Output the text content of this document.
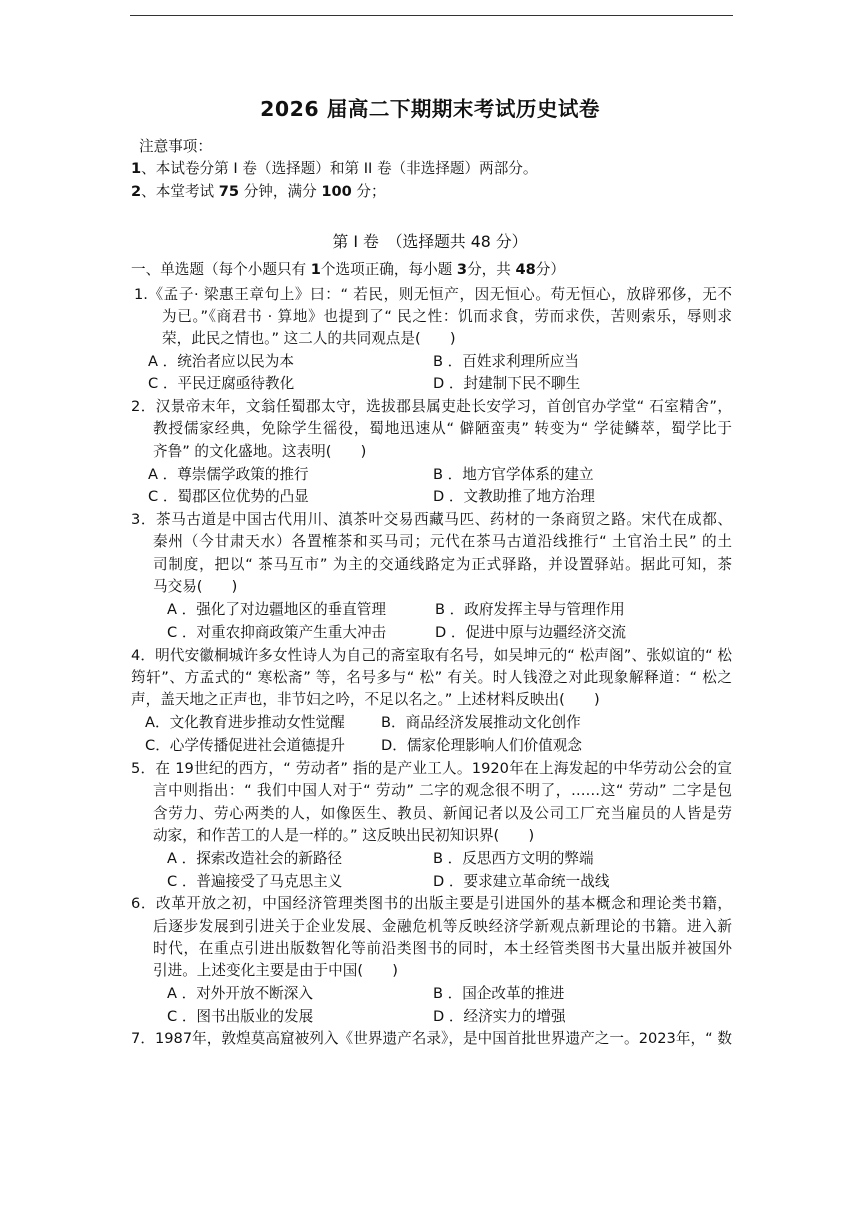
2026 届高二下期期末考试历史试卷
注意事项：
1、本试卷分第 I 卷（选择题）和第 II 卷（非选择题）两部分。
2、本堂考试 75 分钟，满分 100 分；
第 I 卷　（选择题共 48 分）
一、单选题（每个小题只有 1个选项正确，每小题 3分，共 48分）
1.《孟子· 梁惠王章句上》曰：“ 若民，则无恒产，因无恒心。苟无恒心，放辟邪侈，无不
为已。”《商君书 · 算地》也提到了“ 民之性：饥而求食，劳而求佚，苦则索乐，辱则求
荣，此民之情也。” 这二人的共同观点是(　　)
A ．统治者应以民为本	B ．百姓求利理所应当
C ．平民迂腐亟待教化	D ．封建制下民不聊生
2．汉景帝末年，文翁任蜀郡太守，选拔郡县属吏赴长安学习，首创官办学堂“ 石室精舍”，
教授儒家经典，免除学生徭役，蜀地迅速从“ 僻陋蛮夷” 转变为“ 学徒鳞萃，蜀学比于
齐鲁” 的文化盛地。这表明(　　)
A ．尊崇儒学政策的推行	B ．地方官学体系的建立
C ．蜀郡区位优势的凸显	D ．文教助推了地方治理
3．茶马古道是中国古代用川、滇茶叶交易西藏马匹、药材的一条商贸之路。宋代在成都、
秦州（今甘肃天水）各置榷茶和买马司；元代在茶马古道沿线推行“ 土官治土民” 的土
司制度，把以“ 茶马互市” 为主的交通线路定为正式驿路，并设置驿站。据此可知，茶
马交易(　　)
A ．强化了对边疆地区的垂直管理	B ．政府发挥主导与管理作用
C ．对重农抑商政策产生重大冲击	D ．促进中原与边疆经济交流
4．明代安徽桐城许多女性诗人为自己的斋室取有名号，如吴坤元的“ 松声阁”、张姒谊的“ 松
筠轩”、方孟式的“ 寒松斋” 等，名号多与“ 松” 有关。时人钱澄之对此现象解释道：“ 松之
声，盖天地之正声也，非节妇之吟，不足以名之。” 上述材料反映出(　　)
A．文化教育进步推动女性觉醒 B．商品经济发展推动文化创作
C．心学传播促进社会道德提升 D．儒家伦理影响人们价值观念
5．在 19世纪的西方，“ 劳动者” 指的是产业工人。1920年在上海发起的中华劳动公会的宣
言中则指出：“ 我们中国人对于“ 劳动” 二字的观念很不明了，……这“ 劳动” 二字是包
含劳力、劳心两类的人，如像医生、教员、新闻记者以及公司工厂充当雇员的人皆是劳
动家，和作苦工的人是一样的。” 这反映出民初知识界(　　)
A ．探索改造社会的新路径	B ．反思西方文明的弊端
C ．普遍接受了马克思主义	D ．要求建立革命统一战线
6．改革开放之初，中国经济管理类图书的出版主要是引进国外的基本概念和理论类书籍，
后逐步发展到引进关于企业发展、金融危机等反映经济学新观点新理论的书籍。进入新
时代，在重点引进出版数智化等前沿类图书的同时，本土经管类图书大量出版并被国外
引进。上述变化主要是由于中国(　　)
A ．对外开放不断深入	B ．国企改革的推进
C ．图书出版业的发展	D ．经济实力的增强
7．1987年，敦煌莫高窟被列入《世界遗产名录》，是中国首批世界遗产之一。2023年，“ 数
